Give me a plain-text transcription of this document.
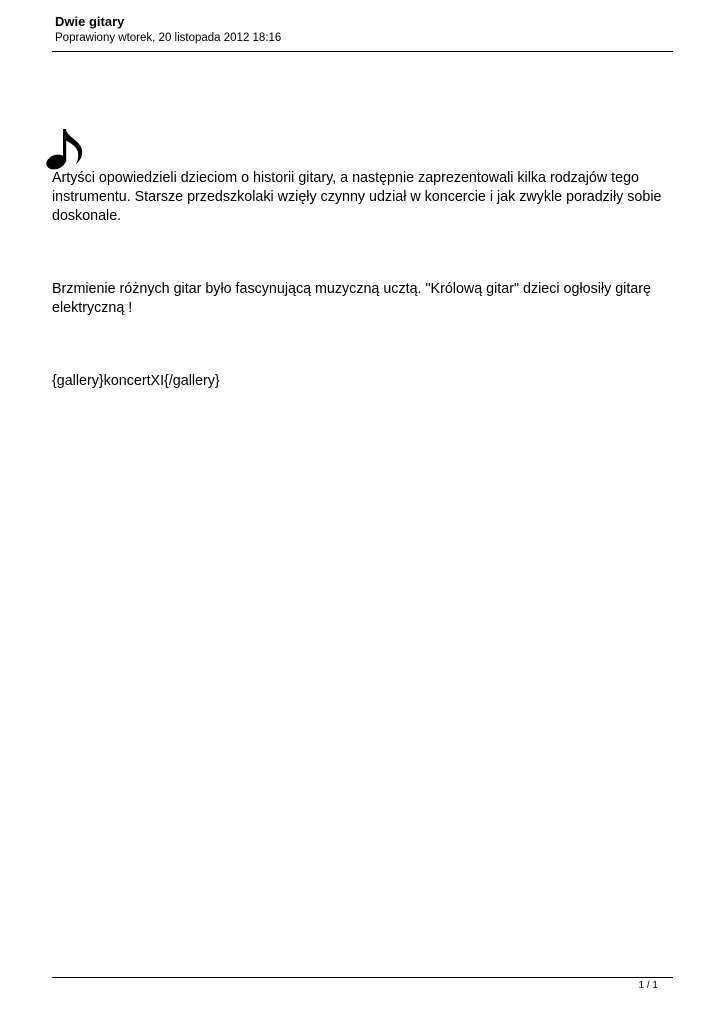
Dwie gitary
Poprawiony wtorek, 20 listopada 2012 18:16
Artyści opowiedzieli dzieciom o historii gitary, a następnie zaprezentowali kilka rodzajów tego instrumentu. Starsze przedszkolaki wzięły czynny udział w koncercie i jak zwykle poradziły sobie doskonale.
Brzmienie różnych gitar było fascynującą muzyczną ucztą. "Królową gitar" dzieci ogłosiły gitarę elektryczną !
{gallery}koncertXI{/gallery}
1 / 1
